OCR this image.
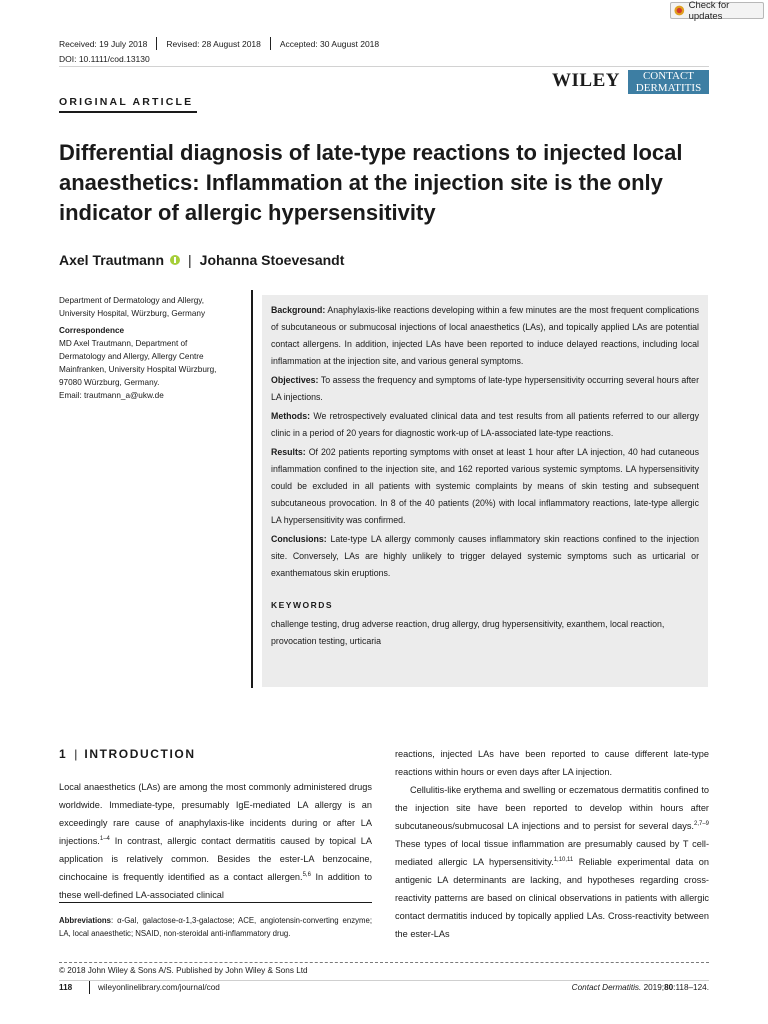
Check for updates
Received: 19 July 2018 Revised: 28 August 2018 Accepted: 30 August 2018
DOI: 10.1111/cod.13130
WILEY	CONTACT
DERMATITIS
ORIGINAL ARTICLE
Differential diagnosis of late-type reactions to injected local anaesthetics: Inflammation at the injection site is the only indicator of allergic hypersensitivity
Axel Trautmann | Johanna Stoevesandt
Department of Dermatology and Allergy,
University Hospital, Würzburg, Germany
Correspondence
MD Axel Trautmann, Department of
Dermatology and Allergy, Allergy Centre
Mainfranken, University Hospital Würzburg,
97080 Würzburg, Germany.
Email: trautmann_a@ukw.de

Background: Anaphylaxis-like reactions developing within a few minutes are the most frequent complications of subcutaneous or submucosal injections of local anaesthetics (LAs), and topically applied LAs are potential contact allergens. In addition, injected LAs have been reported to induce delayed reactions, including local inflammation at the injection site, and various general symptoms.

Objectives: To assess the frequency and symptoms of late-type hypersensitivity occurring several hours after LA injections.

Methods: We retrospectively evaluated clinical data and test results from all patients referred to our allergy clinic in a period of 20 years for diagnostic work-up of LA-associated late-type reactions.

Results: Of 202 patients reporting symptoms with onset at least 1 hour after LA injection, 40 had cutaneous inflammation confined to the injection site, and 162 reported various systemic symptoms. LA hypersensitivity could be excluded in all patients with systemic complaints by means of skin testing and subsequent subcutaneous provocation. In 8 of the 40 patients (20%) with local inflammatory reactions, late-type allergic LA hypersensitivity was confirmed.

Conclusions: Late-type LA allergy commonly causes inflammatory skin reactions confined to the injection site. Conversely, LAs are highly unlikely to trigger delayed systemic symptoms such as urticarial or exanthematous skin eruptions.

KEYWORDS
challenge testing, drug adverse reaction, drug allergy, drug hypersensitivity, exanthem, local reaction, provocation testing, urticaria
1 | INTRODUCTION

Local anaesthetics (LAs) are among the most commonly administered drugs worldwide. Immediate-type, presumably IgE-mediated LA allergy is an exceedingly rare cause of anaphylaxis-like incidents during or after LA injections.$^{1-4}$ In contrast, allergic contact dermatitis caused by topical LA application is relatively common. Besides the ester-LA benzocaine, cinchocaine is frequently identified as a contact allergen.$^{5,6}$ In addition to these well-defined LA-associated clinical

Abbreviations: α-Gal, galactose-α-1,3-galactose; ACE, angiotensin-converting enzyme; LA, local anaesthetic; NSAID, non-steroidal anti-inflammatory drug.

reactions, injected LAs have been reported to cause different late-type reactions within hours or even days after LA injection.

Cellulitis-like erythema and swelling or eczematous dermatitis confined to the injection site have been reported to develop within hours after subcutaneous/submucosal LA injections and to persist for several days.$^{2,7-9}$ These types of local tissue inflammation are presumably caused by T cell-mediated allergic LA hypersensitivity.$^{1,10,11}$ Reliable experimental data on antigenic LA determinants are lacking, and hypotheses regarding cross-reactivity patterns are based on clinical observations in patients with allergic contact dermatitis induced by topically applied LAs. Cross-reactivity between the ester-LAs

© 2018 John Wiley & Sons A/S. Published by John Wiley & Sons Ltd
118	wileyonlinelibrary.com/journal/cod	Contact Dermatitis. 2019;80:118–124.
